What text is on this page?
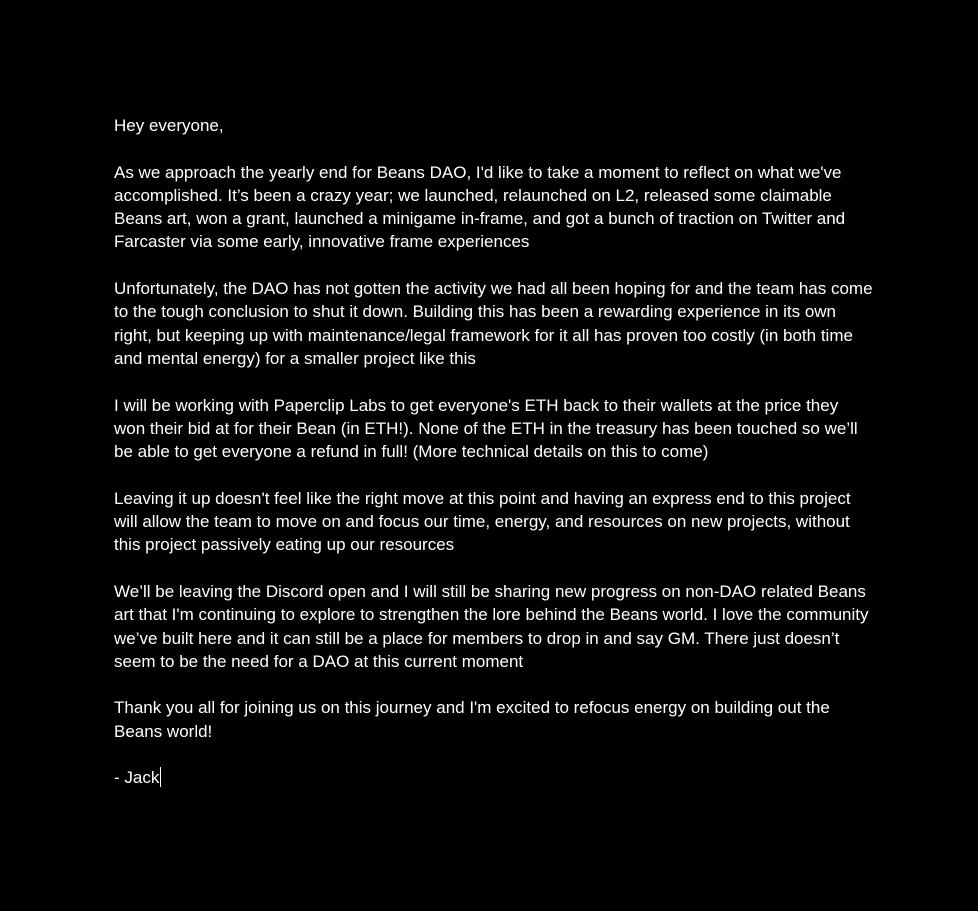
Hey everyone,

As we approach the yearly end for Beans DAO, I'd like to take a moment to reflect on what we've accomplished. It’s been a crazy year; we launched, relaunched on L2, released some claimable Beans art, won a grant, launched a minigame in-frame, and got a bunch of traction on Twitter and Farcaster via some early, innovative frame experiences

Unfortunately, the DAO has not gotten the activity we had all been hoping for and the team has come to the tough conclusion to shut it down. Building this has been a rewarding experience in its own right, but keeping up with maintenance/legal framework for it all has proven too costly (in both time and mental energy) for a smaller project like this

I will be working with Paperclip Labs to get everyone's ETH back to their wallets at the price they won their bid at for their Bean (in ETH!). None of the ETH in the treasury has been touched so we’ll be able to get everyone a refund in full! (More technical details on this to come)

Leaving it up doesn't feel like the right move at this point and having an express end to this project will allow the team to move on and focus our time, energy, and resources on new projects, without this project passively eating up our resources

We’ll be leaving the Discord open and I will still be sharing new progress on non-DAO related Beans art that I'm continuing to explore to strengthen the lore behind the Beans world. I love the community we’ve built here and it can still be a place for members to drop in and say GM. There just doesn’t seem to be the need for a DAO at this current moment

Thank you all for joining us on this journey and I'm excited to refocus energy on building out the Beans world!

- Jack
